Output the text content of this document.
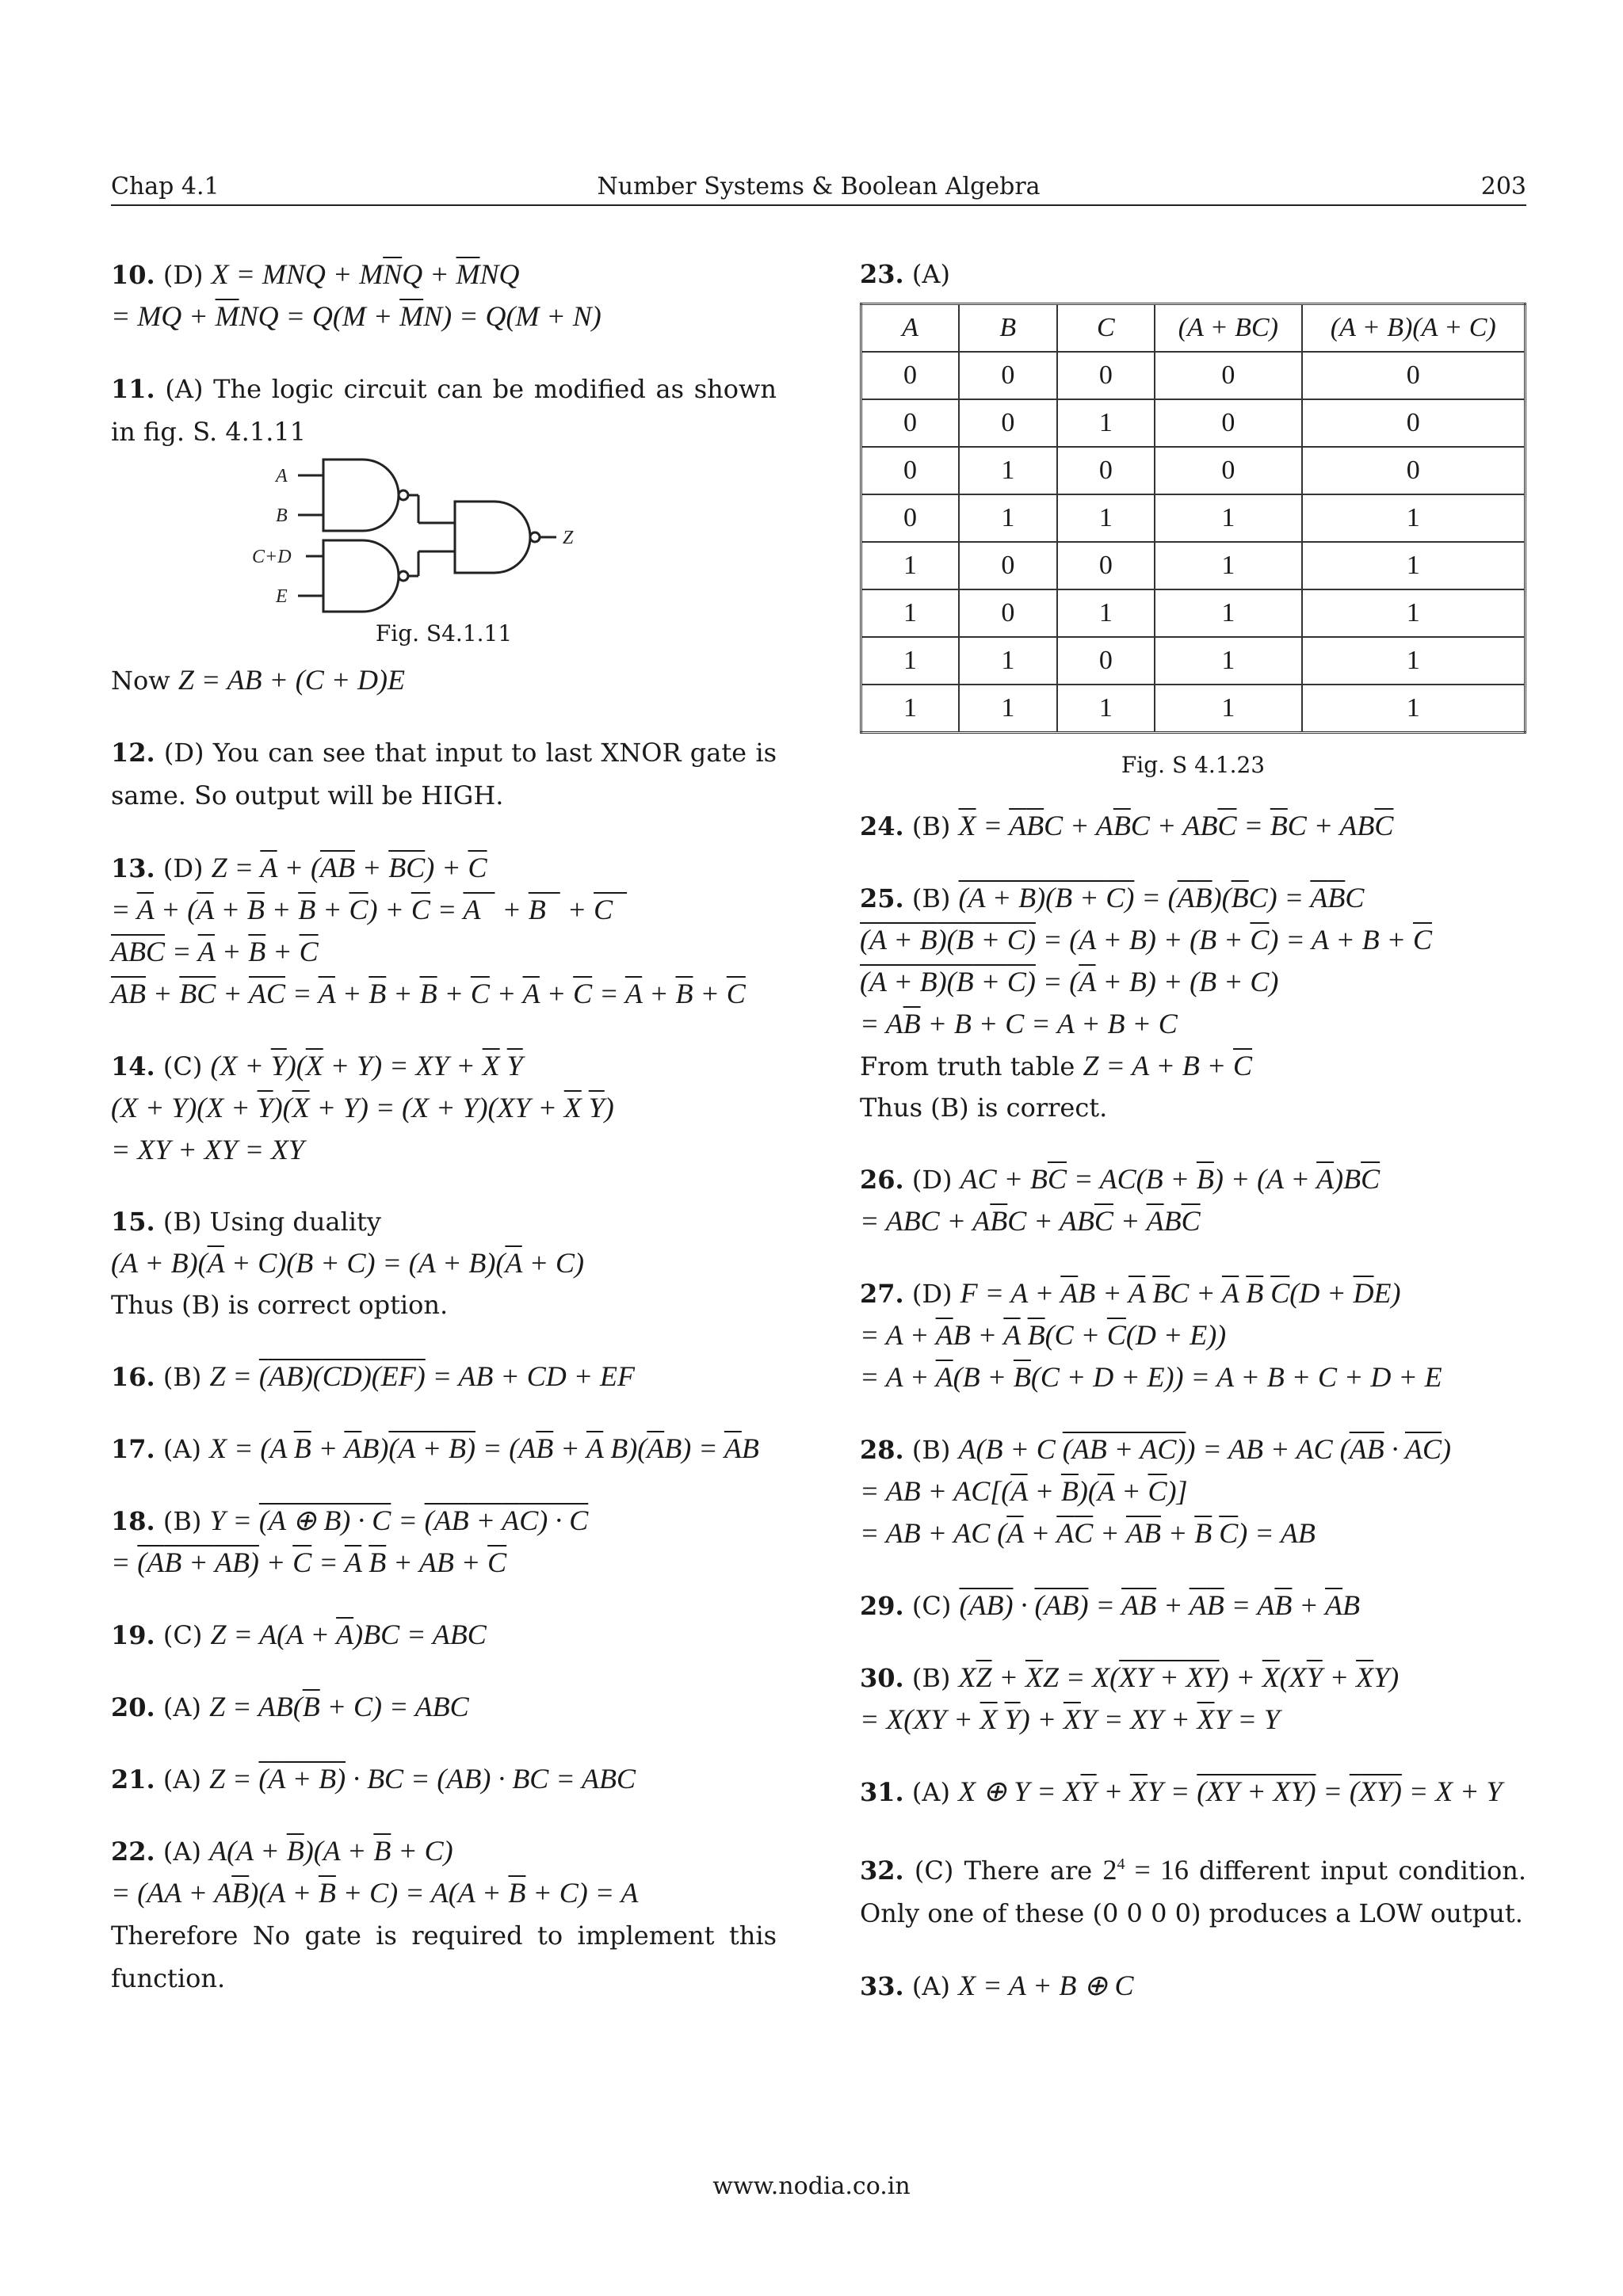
Chap 4.1	Number Systems & Boolean Algebra	203
10. (D) X = MNQ + $M\overline{N}Q + \overline{M}NQ$
= MQ + $\overline{M}NQ = Q(M + \overline{M}N) = Q(M + N)$
11. (A) The logic circuit can be modified as shown in fig. S. 4.1.11
A
B
C+D
E
Z
Fig. S4.1.11
Now Z = AB + (C + D)E
12. (D) You can see that input to last XNOR gate is same. So output will be HIGH.
13. (D) $Z = \overline{A} + (\overline{AB} + \overline{BC}) + \overline{C}$
= $\overline{A} + (\overline{A} + \overline{B} + \overline{B} + \overline{C}) + \overline{C} = A + B + C$
$\overline{ABC} = \overline{A} + \overline{B} + \overline{C}$
$\overline{AB} + \overline{BC} + \overline{AC} = \overline{A} + \overline{B} + \overline{B} + \overline{C} + \overline{A} + \overline{C} = \overline{A} + \overline{B} + \overline{C}$
14. (C) $(X + \overline{Y})(\overline{X} + Y)$ = XY + $\overline{X}$ $\overline{Y}$
$(X + Y)(X + \overline{Y})(\overline{X} + Y) = (X + Y)(XY + \overline{X}$ $\overline{Y}$)
= XY + XY = XY
15. (B) Using duality
$(A + B)(\overline{A} + C)(B + C) = (A + B)(\overline{A} + C)$
Thus (B) is correct option.
16. (B) Z = (AB)(CD)(EF) = AB + CD + EF
17. (A) X = (A $\overline{B} + \overline{A}B)(A + B) = (A\overline{B} + \overline{A}$ $B)(\overline{A}B) = \overline{A}B$
18. (B) Y = (A ⊕ B) · C = (AB + AC) · C
= $(AB + AB) + \overline{C} = \overline{A}$ $\overline{B}$ + AB + $\overline{C}$
19. (C) $Z = A(A + \overline{A})BC$ = ABC
20. (A) $Z = AB(\overline{B} + C)$ = ABC
21. (A) Z = (A + B) · BC = (AB) · BC = ABC
22. (A) $A(A + \overline{B})(A + \overline{B} + C)$
= $(AA + A\overline{B})(A + \overline{B} + C) = A(A + \overline{B} + C) = A$
Therefore No gate is required to implement this function.
23. (A)
A	B	C	(A + BC)	(A + B)(A + C)
0	0	0	0	0
0	0	1	0	0
0	1	0	0	0
0	1	1	1	1
1	0	0	1	1
1	0	1	1	1
1	1	0	1	1
1	1	1	1	1
Fig. S 4.1.23
24. (B) $\overline{X} = \overline{A}\overline{B}C + A\overline{B}C + AB\overline{C} = \overline{B}C + AB\overline{C}$
25. (B) $(A + B)(B + C) = (\overline{A}\overline{B})(\overline{B}C) = \overline{A}\overline{B}C$
$(A + B)(B + C) = (A + B) + (B + \overline{C}) = A + B + \overline{C}$
$(A + B)(B + C) = (\overline{A} + B) + (B + C)$
= $A\overline{B} + B + C = A + B + C$
From truth table $Z = A + B + \overline{C}$
Thus (B) is correct.
26. (D) AC + $B\overline{C} = AC(B + \overline{B}) + (A + \overline{A})B\overline{C}$
= ABC + $A\overline{B}C + AB\overline{C} + \overline{A}B\overline{C}$
27. (D) $F = A + \overline{A}B + \overline{A}$ $\overline{B}C + \overline{A}$ $\overline{B}$ $\overline{C}(D + \overline{D}E)$
= $A + \overline{A}B + \overline{A}$ $\overline{B}(C + \overline{C}(D + E))$
= $A + \overline{A}(B + \overline{B}(C + D + E)) = A + B + C + D + E$
28. (B) A(B + C (AB + AC)) = AB + AC $(\overline{AB} \cdot \overline{AC})$
= AB + $AC[(\overline{A} + \overline{B})(\overline{A} + \overline{C})]$
= AB + AC ($\overline{A} + \overline{A}\overline{C} + \overline{A}\overline{B} + \overline{B}$ $\overline{C}$) = AB
29. (C) (AB) · (AB) = AB + AB = $A\overline{B} + \overline{A}B$
30. (B) $X\overline{Z} + \overline{X}Z = X(XY + XY) + \overline{X}(X\overline{Y} + \overline{X}Y)$
= $X(XY + \overline{X}$ $\overline{Y}) + \overline{X}Y$ = XY + $\overline{X}Y = Y$
31. (A) X ⊕ $Y = X\overline{Y} + \overline{X}Y = (XY + XY) = (XY) = X + Y$
32. (C) There are $2^4 = 16$ different input condition. Only one of these (0 0 0 0) produces a LOW output.
33. (A) X = A + B ⊕ C
www.nodia.co.in
